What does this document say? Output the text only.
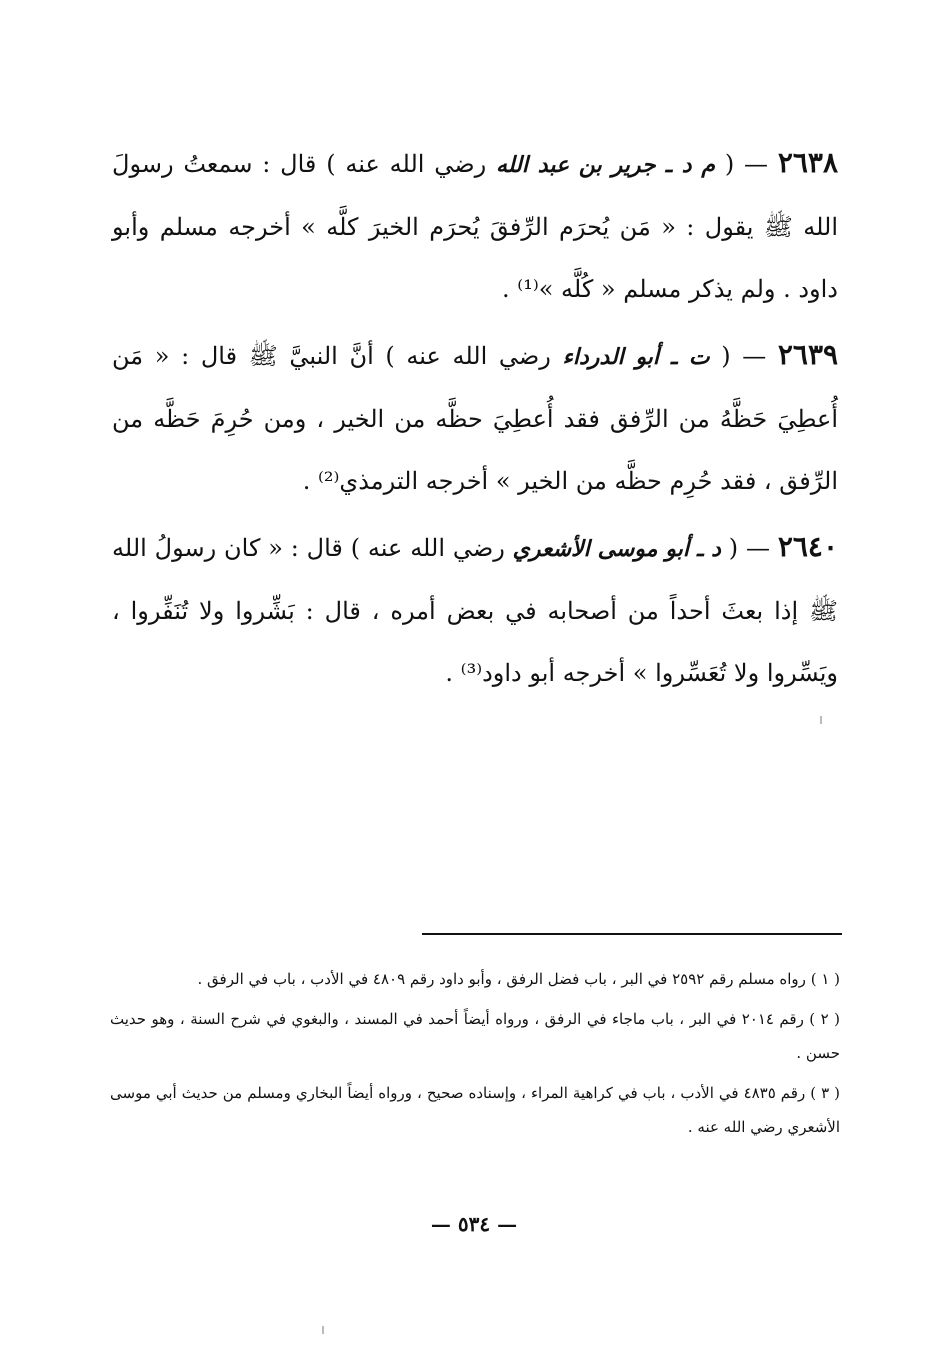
٢٦٣٨ — ( م د ـ جرير بن عبد الله رضي الله عنه ) قال : سمعتُ رسولَ الله ﷺ يقول : « مَن يُحرَم الرِّفقَ يُحرَم الخيرَ كلَّه » أخرجه مسلم وأبو داود . ولم يذكر مسلم « كُلَّه »⁽¹⁾ .

٢٦٣٩ — ( ت ـ أبو الدرداء رضي الله عنه ) أنَّ النبيَّ ﷺ قال : « مَن أُعطِيَ حَظَّهُ من الرِّفق فقد أُعطِيَ حظَّه من الخير ، ومن حُرِمَ حَظَّه من الرِّفق ، فقد حُرِم حظَّه من الخير » أخرجه الترمذي⁽²⁾ .

٢٦٤٠ — ( د ـ أبو موسى الأشعري رضي الله عنه ) قال : « كان رسولُ الله ﷺ إذا بعثَ أحداً من أصحابه في بعض أمره ، قال : بَشِّروا ولا تُنَفِّروا ، ويَسِّروا ولا تُعَسِّروا » أخرجه أبو داود⁽³⁾ .

( ١ ) رواه مسلم رقم ٢٥٩٢ في البر ، باب فضل الرفق ، وأبو داود رقم ٤٨٠٩ في الأدب ، باب في الرفق .

( ٢ ) رقم ٢٠١٤ في البر ، باب ماجاء في الرفق ، ورواه أيضاً أحمد في المسند ، والبغوي في شرح السنة ، وهو حديث حسن .

( ٣ ) رقم ٤٨٣٥ في الأدب ، باب في كراهية المراء ، وإسناده صحيح ، ورواه أيضاً البخاري ومسلم من حديث أبي موسى الأشعري رضي الله عنه .

— ٥٣٤ —
